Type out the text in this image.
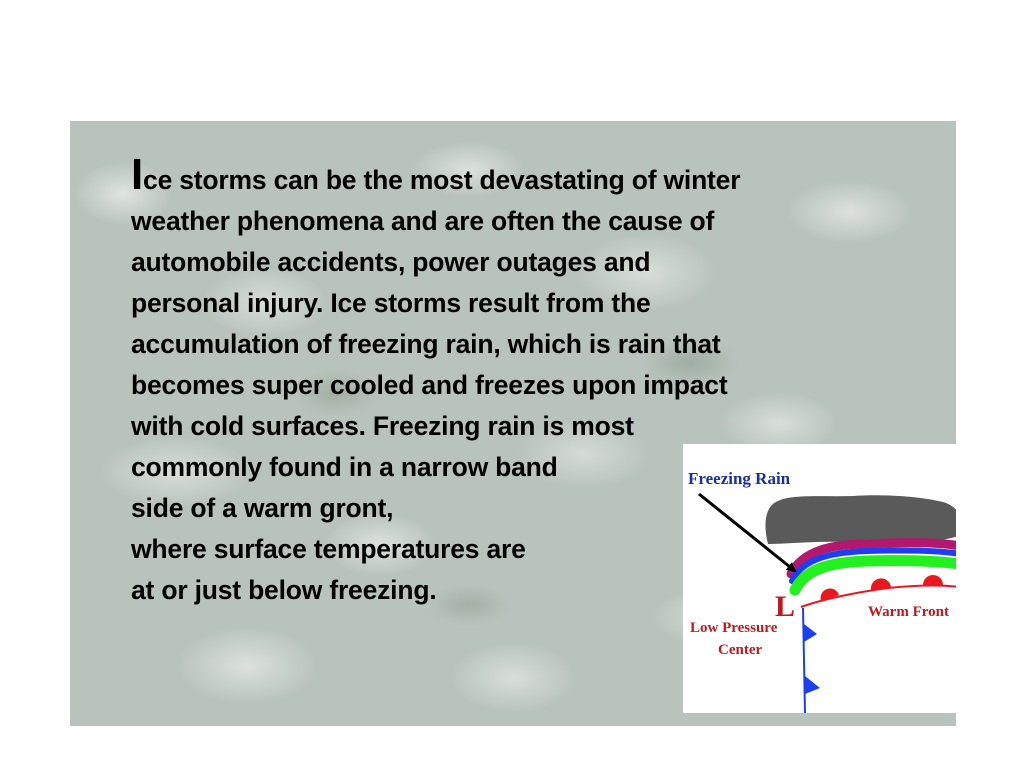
Ice storms can be the most devastating of winter
weather phenomena and are often the cause of
automobile accidents, power outages and
personal injury. Ice storms result from the
accumulation of freezing rain, which is rain that
becomes super cooled and freezes upon impact
with cold surfaces. Freezing rain is most
commonly found in a narrow band
side of a warm gront,
where surface temperatures are
at or just below freezing.

Freezing Rain
L
Low Pressure
Center
Warm Front
